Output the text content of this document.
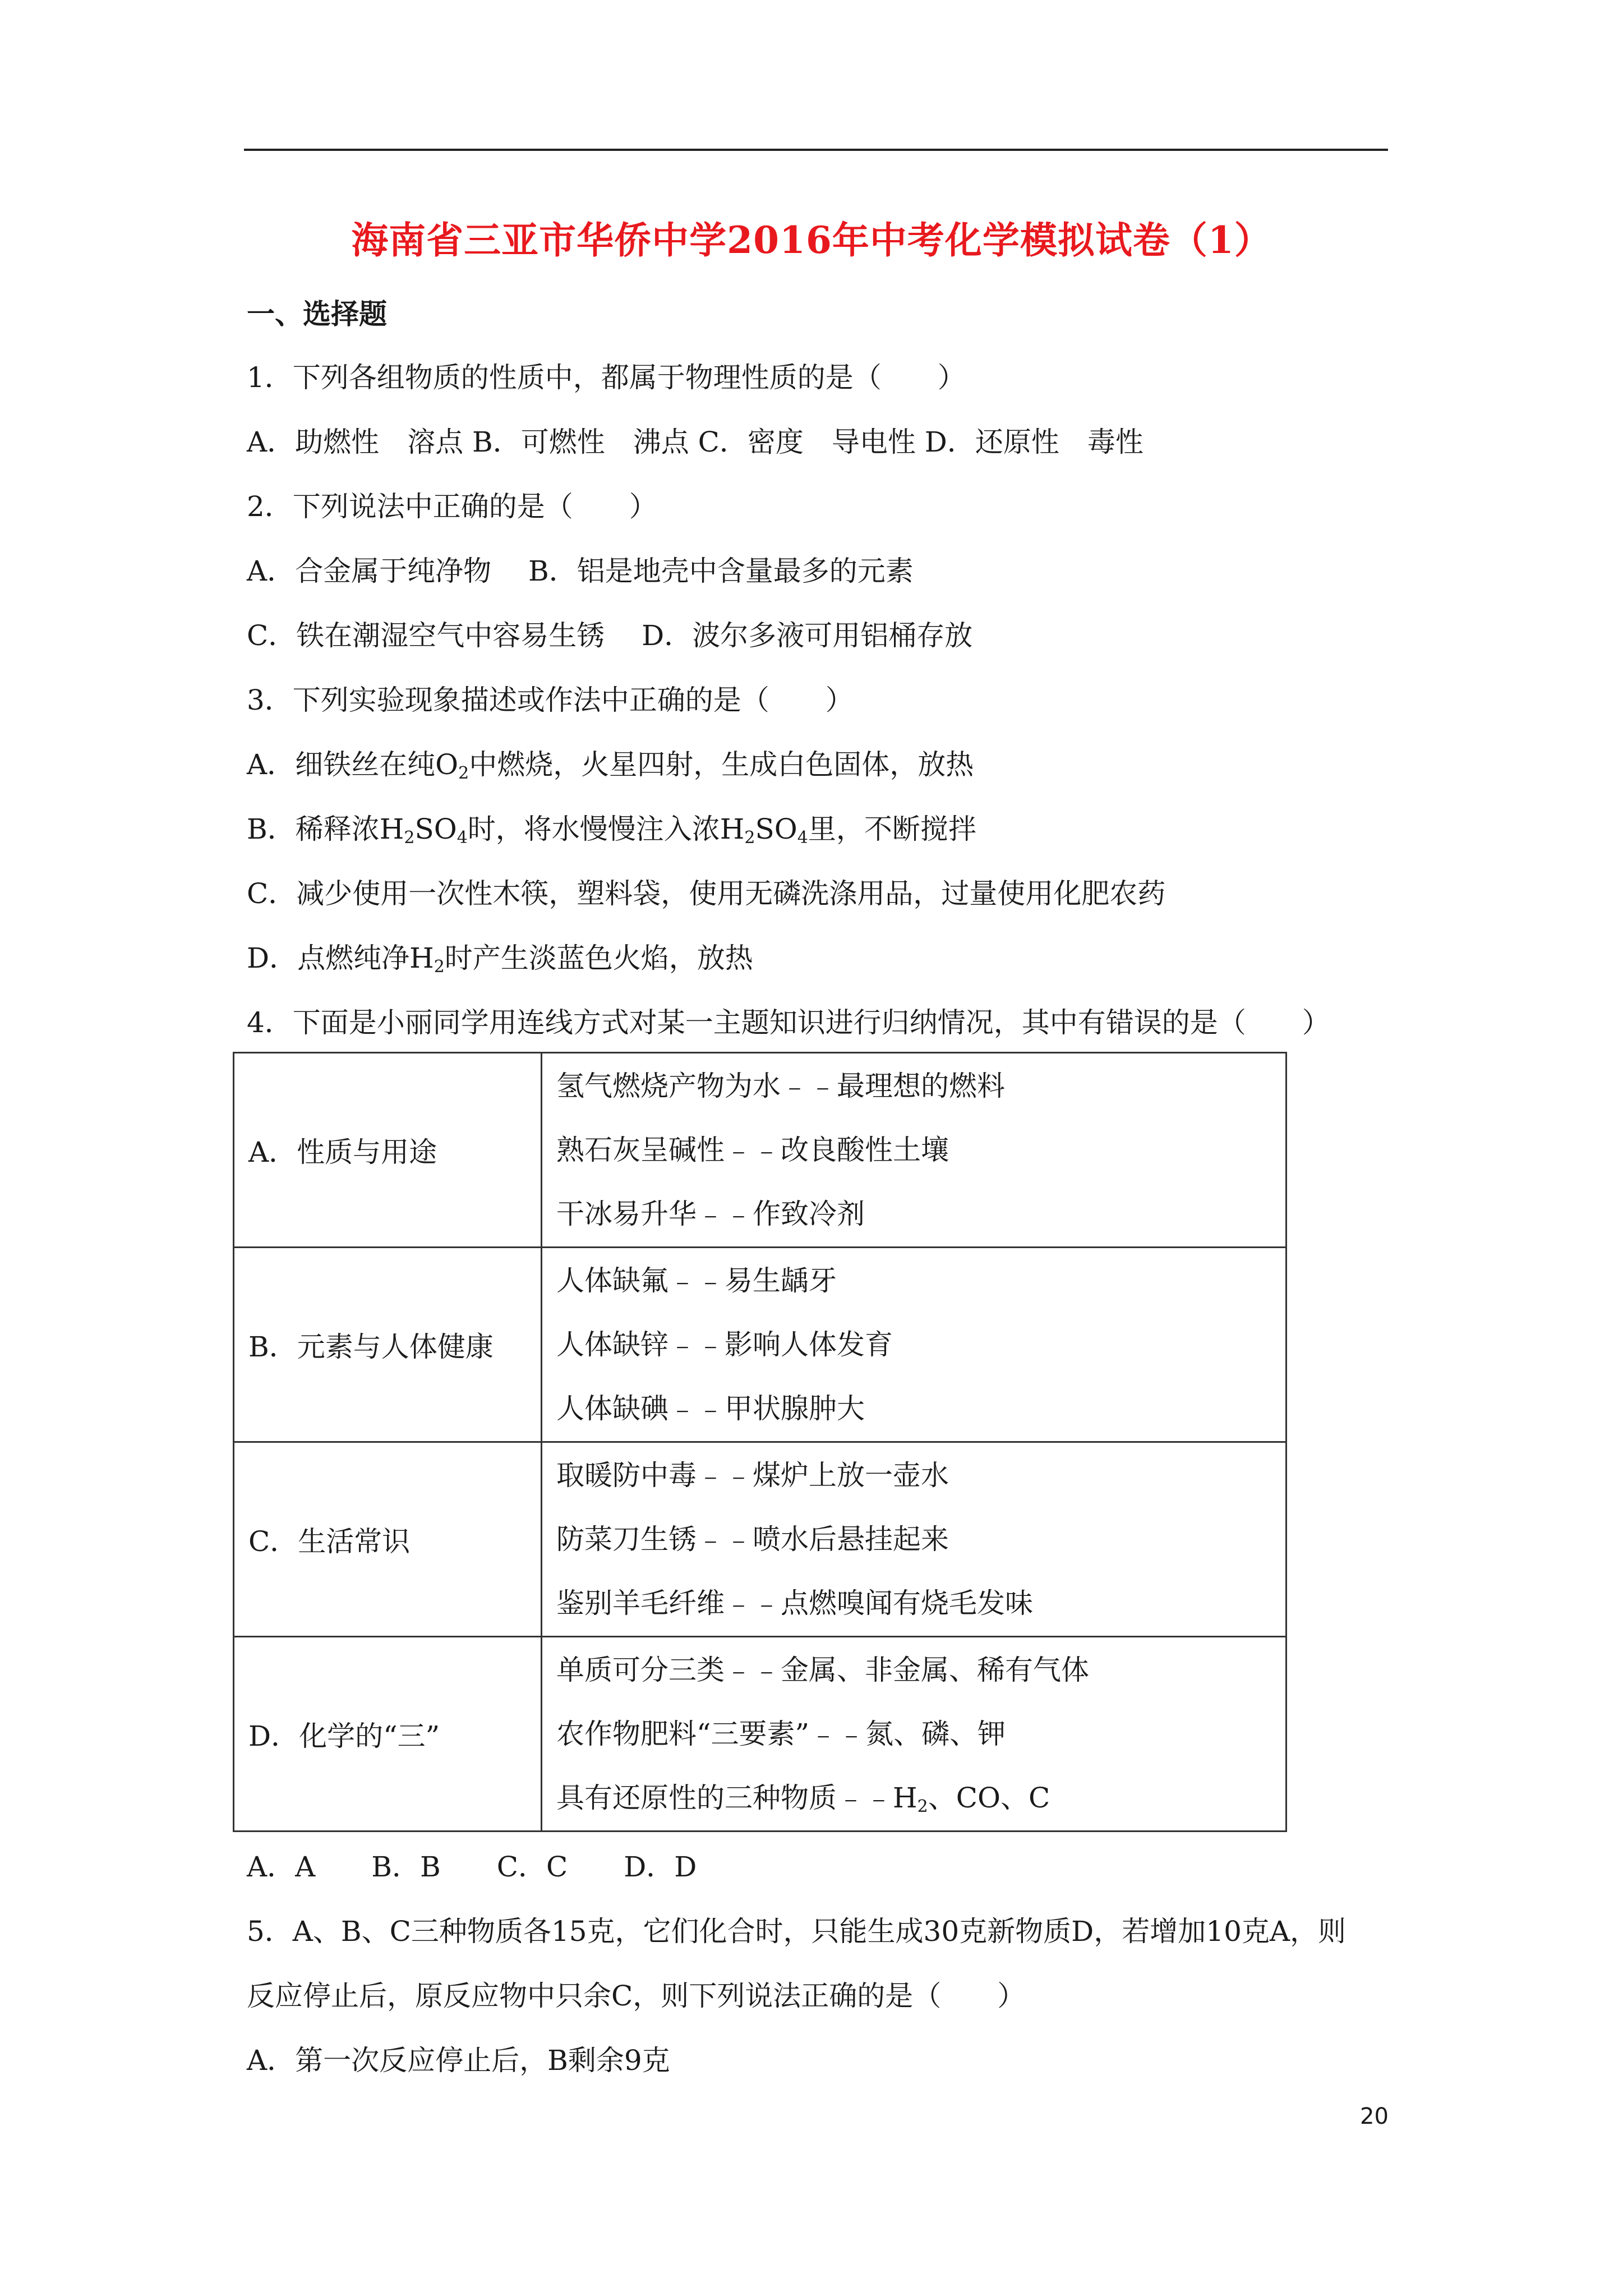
海南省三亚市华侨中学2016年中考化学模拟试卷（1）
一、选择题
1．下列各组物质的性质中，都属于物理性质的是（　　）
A．助燃性　溶点 B．可燃性　沸点 C．密度　导电性 D．还原性　毒性
2．下列说法中正确的是（　　）
A．合金属于纯净物　 B．铝是地壳中含量最多的元素
C．铁在潮湿空气中容易生锈　 D．波尔多液可用铝桶存放
3．下列实验现象描述或作法中正确的是（　　）
A．细铁丝在纯$O_2$中燃烧，火星四射，生成白色固体，放热
B．稀释浓$H_2SO_4$时，将水慢慢注入浓$H_2SO_4$里，不断搅拌
C．减少使用一次性木筷，塑料袋，使用无磷洗涤用品，过量使用化肥农药
D．点燃纯净$H_2$时产生淡蓝色火焰，放热
4．下面是小丽同学用连线方式对某一主题知识进行归纳情况，其中有错误的是（　　）
A．性质与用途	氢气燃烧产物为水﹣﹣最理想的燃料
熟石灰呈碱性﹣﹣改良酸性土壤
干冰易升华﹣﹣作致冷剂

B．元素与人体健康	人体缺氟﹣﹣易生龋牙
人体缺锌﹣﹣影响人体发育
人体缺碘﹣﹣甲状腺肿大

C．生活常识	取暖防中毒﹣﹣煤炉上放一壶水
防菜刀生锈﹣﹣喷水后悬挂起来
鉴别羊毛纤维﹣﹣点燃嗅闻有烧毛发味

D．化学的“三”	单质可分三类﹣﹣金属、非金属、稀有气体
农作物肥料“三要素”﹣﹣氮、磷、钾
具有还原性的三种物质$﹣﹣H_2$、CO、C
A．A　　B．B　　C．C　　D．D
5．A、B、C三种物质各15克，它们化合时，只能生成30克新物质D，若增加10克A，则
反应停止后，原反应物中只余C，则下列说法正确的是（　　）
A．第一次反应停止后，B剩余9克
20
